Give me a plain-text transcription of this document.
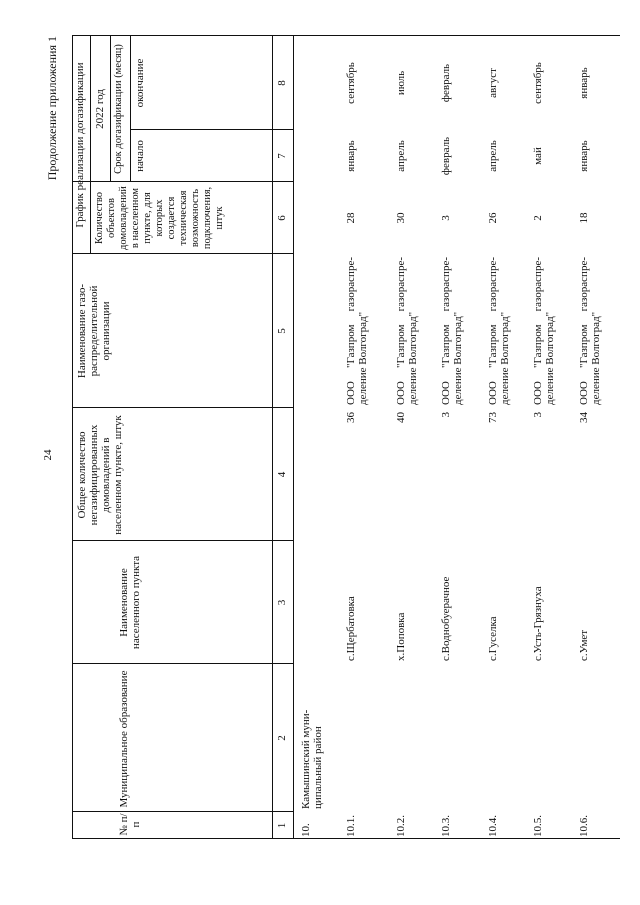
24
Продолжение приложения 1
№ п/п
Муниципальное образование
Наименование населенного пункта
Общее количество негазифицированных домовладений в населенном пункте, штук
Наименование газо-распределительной организации
Количество объектов домовладений в населенном пункте, для которых создается техническая возможность подключения, штук
начало
окончание
График реализации догазификации 2022 год Срок догазификации (месяц)
1
2
3
4
5
6
7
8
10.
Камышинский муни-ципальный район
10.1.
с.Щербатовка
36
ООО "Газпром газораспре-деление Волгоград"
28
январь
сентябрь
10.2.
х.Поповка
40
ООО "Газпром газораспре-деление Волгоград"
30
апрель
июль
10.3.
с.Воднобуерачное
3
ООО "Газпром газораспре-деление Волгоград"
3
февраль
февраль
10.4.
с.Гуселка
73
ООО "Газпром газораспре-деление Волгоград"
26
апрель
август
10.5.
с.Усть-Грязнуха
3
ООО "Газпром газораспре-деление Волгоград"
2
май
сентябрь
10.6.
с.Умет
34
ООО "Газпром газораспре-деление Волгоград"
18
январь
январь
